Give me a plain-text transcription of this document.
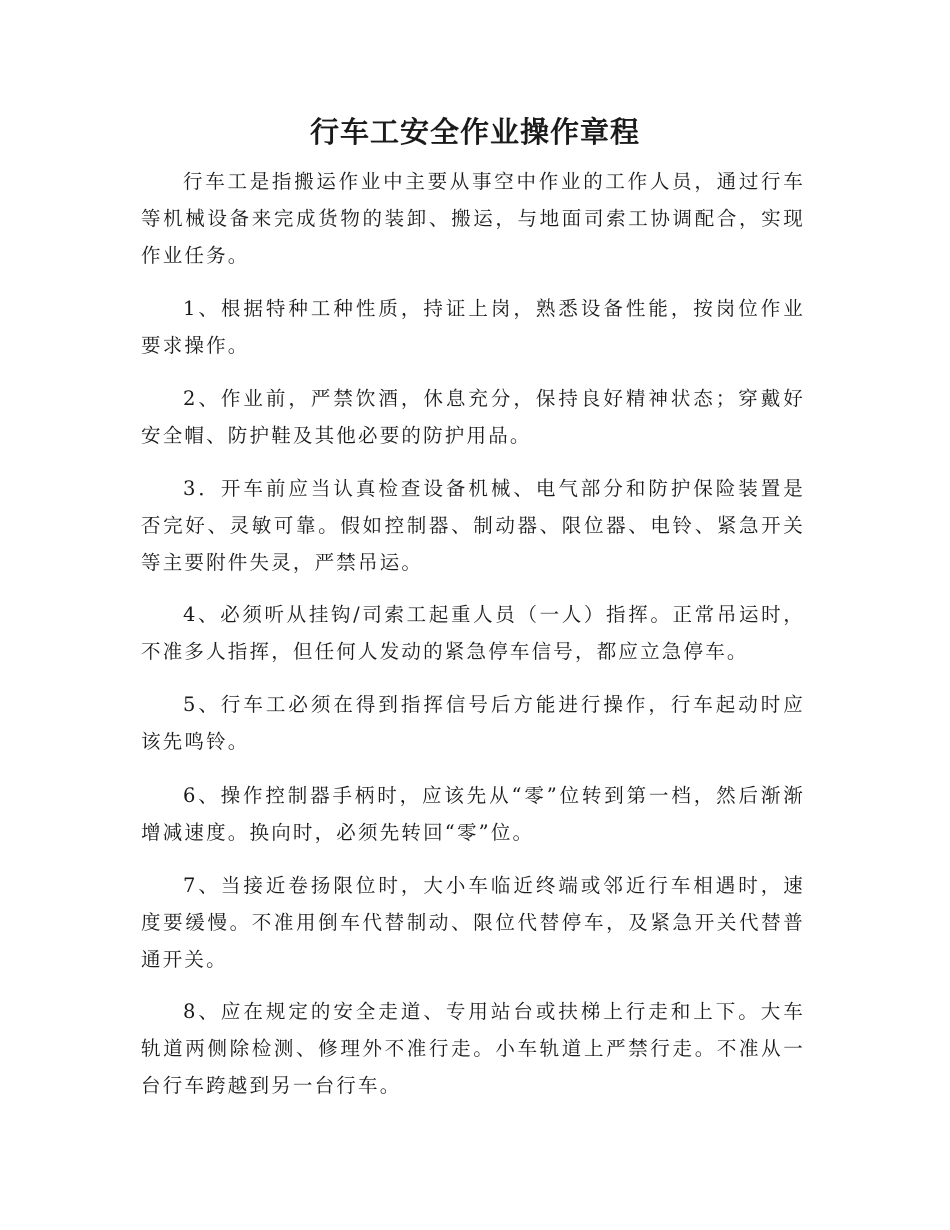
行车工安全作业操作章程

行车工是指搬运作业中主要从事空中作业的工作人员，通过行车等机械设备来完成货物的装卸、搬运，与地面司索工协调配合，实现作业任务。

1、根据特种工种性质，持证上岗，熟悉设备性能，按岗位作业要求操作。

2、作业前，严禁饮酒，休息充分，保持良好精神状态；穿戴好安全帽、防护鞋及其他必要的防护用品。

3．开车前应当认真检查设备机械、电气部分和防护保险装置是否完好、灵敏可靠。假如控制器、制动器、限位器、电铃、紧急开关等主要附件失灵，严禁吊运。

4、必须听从挂钩/司索工起重人员（一人）指挥。正常吊运时，不准多人指挥，但任何人发动的紧急停车信号，都应立急停车。

5、行车工必须在得到指挥信号后方能进行操作，行车起动时应该先鸣铃。

6、操作控制器手柄时，应该先从“零”位转到第一档，然后渐渐增减速度。换向时，必须先转回“零”位。

7、当接近卷扬限位时，大小车临近终端或邻近行车相遇时，速度要缓慢。不准用倒车代替制动、限位代替停车，及紧急开关代替普通开关。

8、应在规定的安全走道、专用站台或扶梯上行走和上下。大车轨道两侧除检测、修理外不准行走。小车轨道上严禁行走。不准从一台行车跨越到另一台行车。
